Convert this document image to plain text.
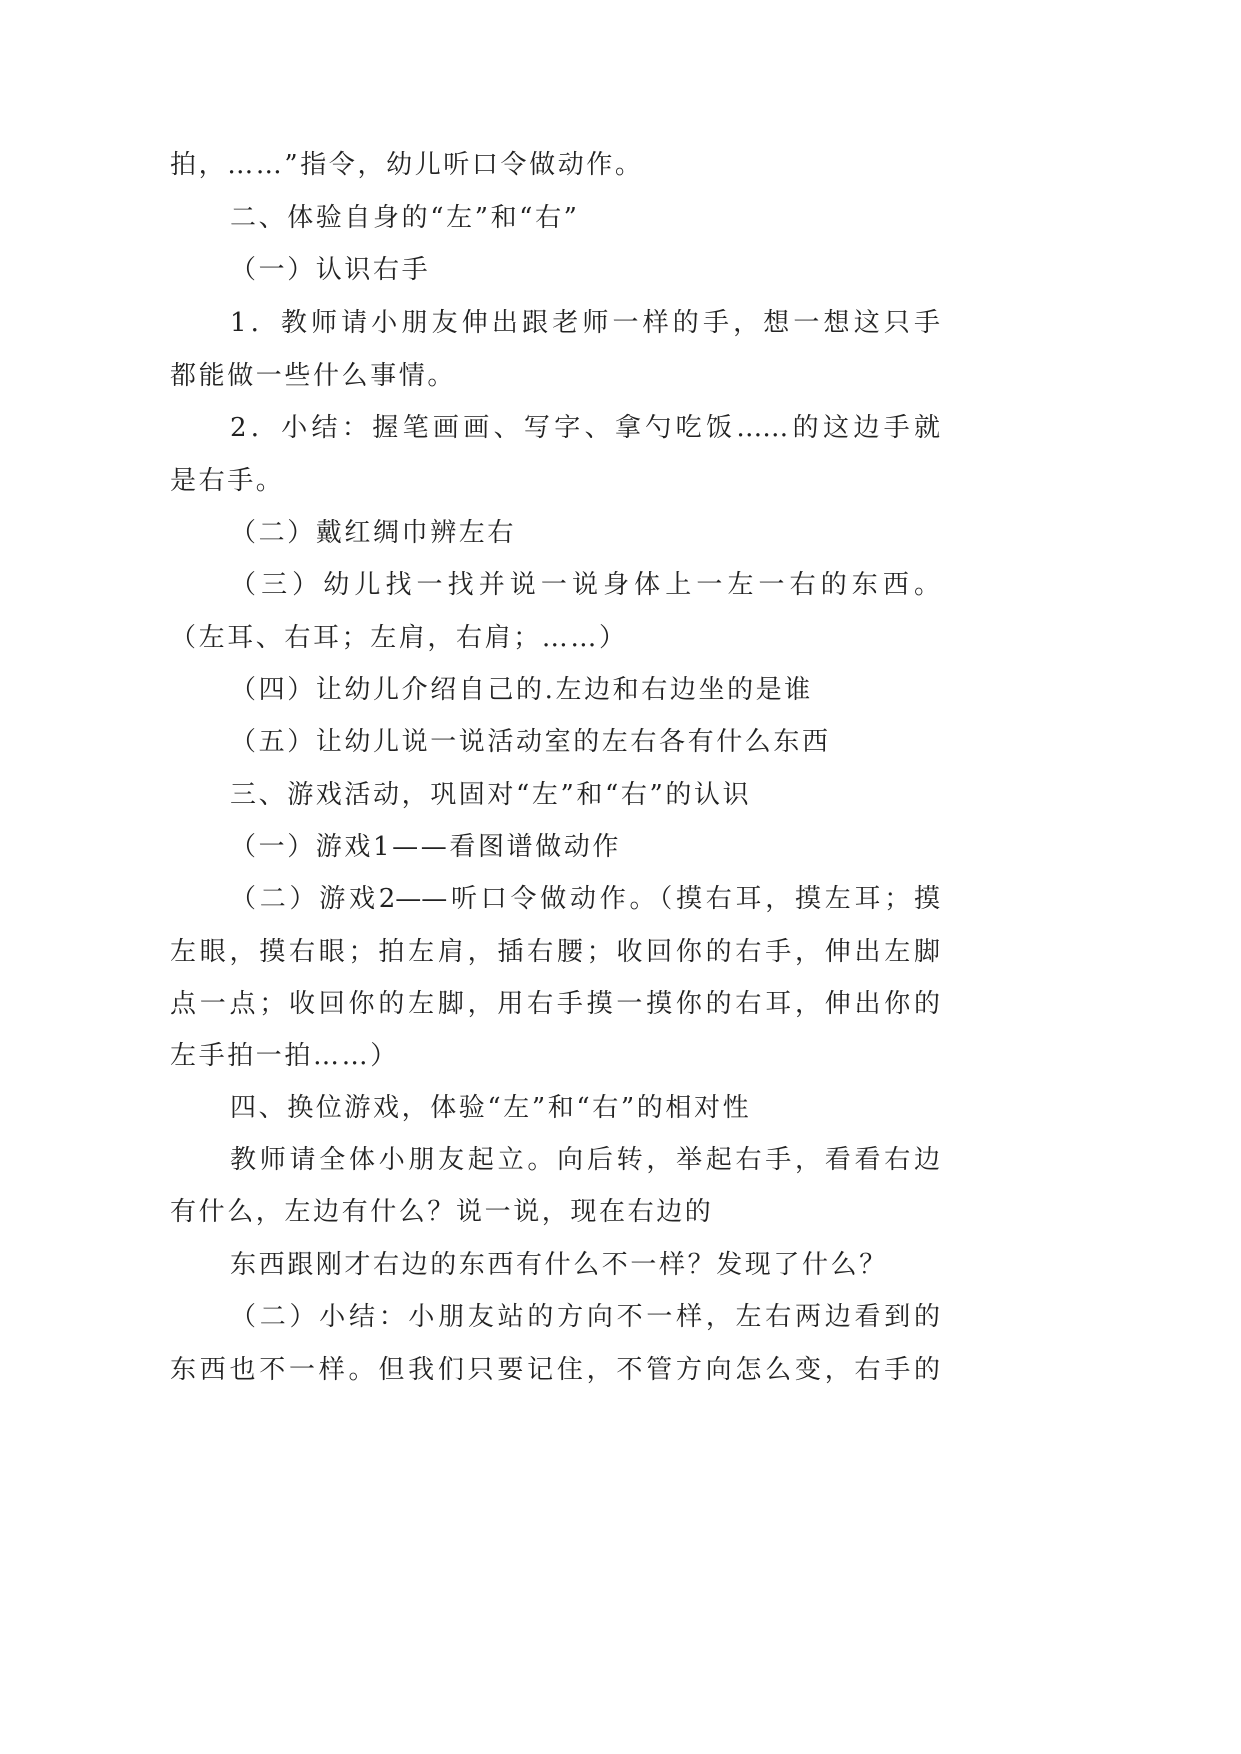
拍，……”指令，幼儿听口令做动作。
二、体验自身的“左”和“右”
（一）认识右手
1．教师请小朋友伸出跟老师一样的手，想一想这只手
都能做一些什么事情。
2．小结：握笔画画、写字、拿勺吃饭……的这边手就
是右手。
（二）戴红绸巾辨左右
（三）幼儿找一找并说一说身体上一左一右的东西。
（左耳、右耳；左肩，右肩；……）
（四）让幼儿介绍自己的.左边和右边坐的是谁
（五）让幼儿说一说活动室的左右各有什么东西
三、游戏活动，巩固对“左”和“右”的认识
（一）游戏1——看图谱做动作
（二）游戏2——听口令做动作。（摸右耳，摸左耳；摸
左眼，摸右眼；拍左肩，插右腰；收回你的右手，伸出左脚
点一点；收回你的左脚，用右手摸一摸你的右耳，伸出你的
左手拍一拍……）
四、换位游戏，体验“左”和“右”的相对性
教师请全体小朋友起立。向后转，举起右手，看看右边
有什么，左边有什么？说一说，现在右边的
东西跟刚才右边的东西有什么不一样？发现了什么？
（二）小结：小朋友站的方向不一样，左右两边看到的
东西也不一样。但我们只要记住，不管方向怎么变，右手的
